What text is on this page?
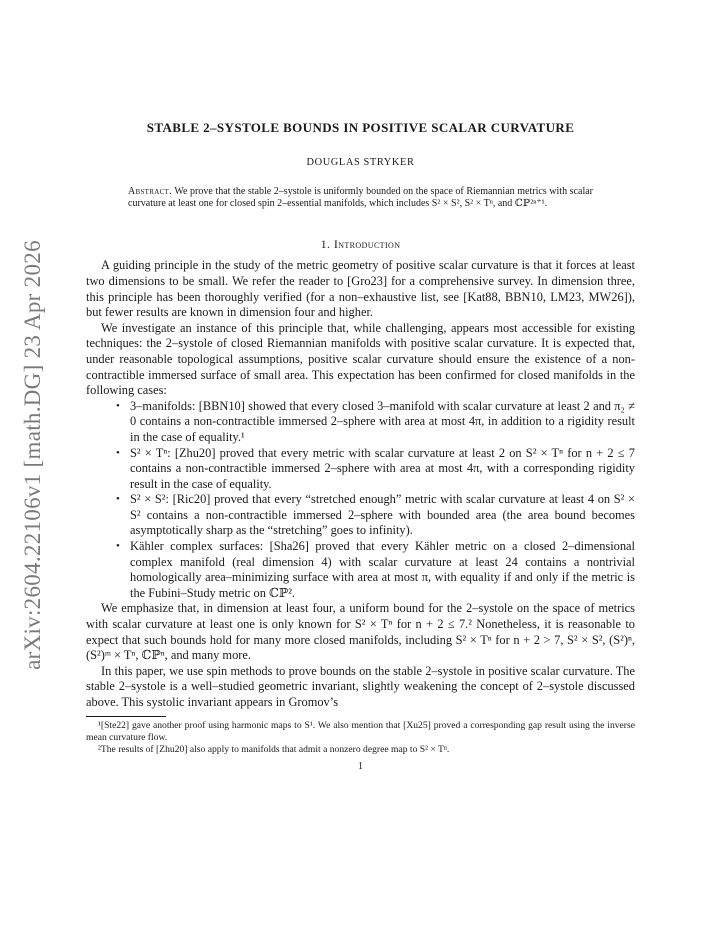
arXiv:2604.22106v1 [math.DG] 23 Apr 2026
STABLE 2–SYSTOLE BOUNDS IN POSITIVE SCALAR CURVATURE
DOUGLAS STRYKER
Abstract. We prove that the stable 2–systole is uniformly bounded on the space of Riemannian metrics with scalar curvature at least one for closed spin 2–essential manifolds, which includes S² × S², S² × Tⁿ, and ℂℙ²ⁿ⁺¹.
1. Introduction

A guiding principle in the study of the metric geometry of positive scalar curvature is that it forces at least two dimensions to be small. We refer the reader to [Gro23] for a comprehensive survey. In dimension three, this principle has been thoroughly verified (for a non–exhaustive list, see [Kat88, BBN10, LM23, MW26]), but fewer results are known in dimension four and higher.

We investigate an instance of this principle that, while challenging, appears most accessible for existing techniques: the 2–systole of closed Riemannian manifolds with positive scalar curvature. It is expected that, under reasonable topological assumptions, positive scalar curvature should ensure the existence of a non-contractible immersed surface of small area. This expectation has been confirmed for closed manifolds in the following cases:

• 3–manifolds: [BBN10] showed that every closed 3–manifold with scalar curvature at least 2 and π₂ ≠ 0 contains a non-contractible immersed 2–sphere with area at most 4π, in addition to a rigidity result in the case of equality.¹
• S² × Tⁿ: [Zhu20] proved that every metric with scalar curvature at least 2 on S² × Tⁿ for n + 2 ≤ 7 contains a non-contractible immersed 2–sphere with area at most 4π, with a corresponding rigidity result in the case of equality.
• S² × S²: [Ric20] proved that every “stretched enough” metric with scalar curvature at least 4 on S² × S² contains a non-contractible immersed 2–sphere with bounded area (the area bound becomes asymptotically sharp as the “stretching” goes to infinity).
• Kähler complex surfaces: [Sha26] proved that every Kähler metric on a closed 2–dimensional complex manifold (real dimension 4) with scalar curvature at least 24 contains a nontrivial homologically area–minimizing surface with area at most π, with equality if and only if the metric is the Fubini–Study metric on ℂℙ².

We emphasize that, in dimension at least four, a uniform bound for the 2–systole on the space of metrics with scalar curvature at least one is only known for S² × Tⁿ for n + 2 ≤ 7.² Nonetheless, it is reasonable to expect that such bounds hold for many more closed manifolds, including S² × Tⁿ for n + 2 > 7, S² × S², (S²)ⁿ, (S²)ᵐ × Tⁿ, ℂℙⁿ, and many more.

In this paper, we use spin methods to prove bounds on the stable 2–systole in positive scalar curvature. The stable 2–systole is a well–studied geometric invariant, slightly weakening the concept of 2–systole discussed above. This systolic invariant appears in Gromov’s

¹[Ste22] gave another proof using harmonic maps to S¹. We also mention that [Xu25] proved a corresponding gap result using the inverse mean curvature flow.

²The results of [Zhu20] also apply to manifolds that admit a nonzero degree map to S² × Tⁿ.

1
